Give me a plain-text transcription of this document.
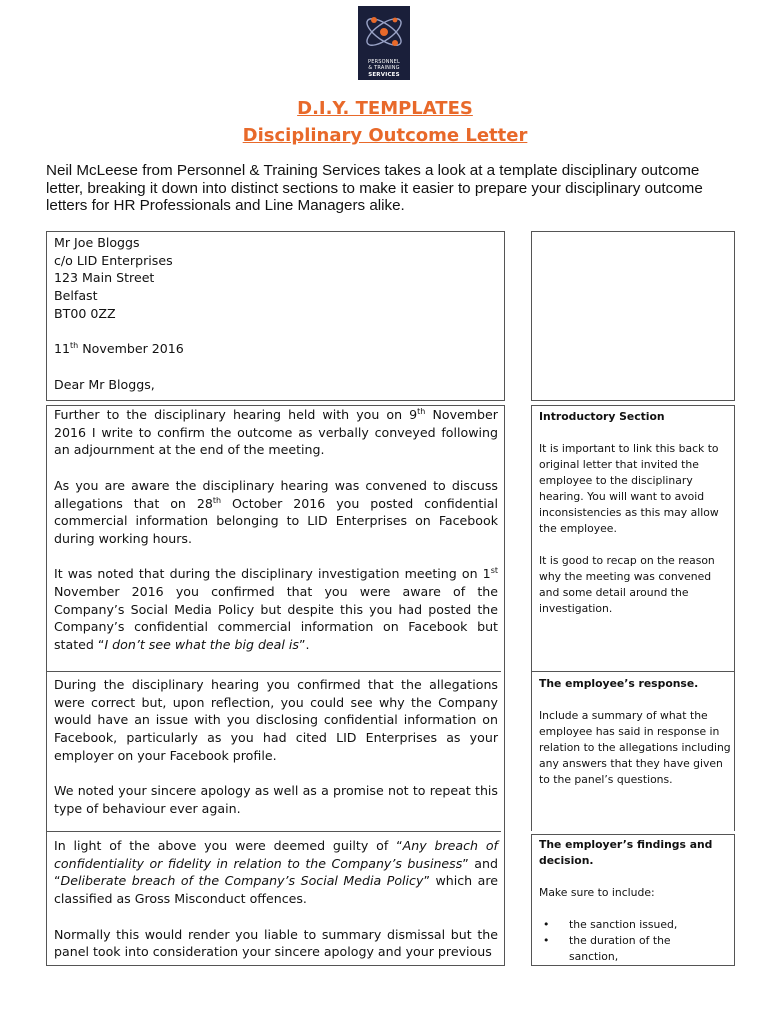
PERSONNEL
& TRAINING
SERVICES
D.I.Y. TEMPLATES
Disciplinary Outcome Letter
Neil McLeese from Personnel & Training Services takes a look at a template disciplinary outcome letter, breaking it down into distinct sections to make it easier to prepare your disciplinary outcome letters for HR Professionals and Line Managers alike.
Mr Joe Bloggs
c/o LID Enterprises
123 Main Street
Belfast
BT00 0ZZ
11th November 2016
Dear Mr Bloggs,

Further to the disciplinary hearing held with you on 9th November 2016 I write to confirm the outcome as verbally conveyed following an adjournment at the end of the meeting.

As you are aware the disciplinary hearing was convened to discuss allegations that on 28th October 2016 you posted confidential commercial information belonging to LID Enterprises on Facebook during working hours.

It was noted that during the disciplinary investigation meeting on 1st November 2016 you confirmed that you were aware of the Company’s Social Media Policy but despite this you had posted the Company’s confidential commercial information on Facebook but stated “I don’t see what the big deal is”.

Introductory Section

It is important to link this back to original letter that invited the employee to the disciplinary hearing. You will want to avoid inconsistencies as this may allow the employee.

It is good to recap on the reason why the meeting was convened and some detail around the investigation.

During the disciplinary hearing you confirmed that the allegations were correct but, upon reflection, you could see why the Company would have an issue with you disclosing confidential information on Facebook, particularly as you had cited LID Enterprises as your employer on your Facebook profile.

We noted your sincere apology as well as a promise not to repeat this type of behaviour ever again.

The employee’s response.

Include a summary of what the employee has said in response in relation to the allegations including any answers that they have given to the panel’s questions.

In light of the above you were deemed guilty of “Any breach of confidentiality or fidelity in relation to the Company’s business” and “Deliberate breach of the Company’s Social Media Policy” which are classified as Gross Misconduct offences.

Normally this would render you liable to summary dismissal but the panel took into consideration your sincere apology and your previous

The employer’s findings and decision.

Make sure to include:

• the sanction issued,
• the duration of the
sanction,
